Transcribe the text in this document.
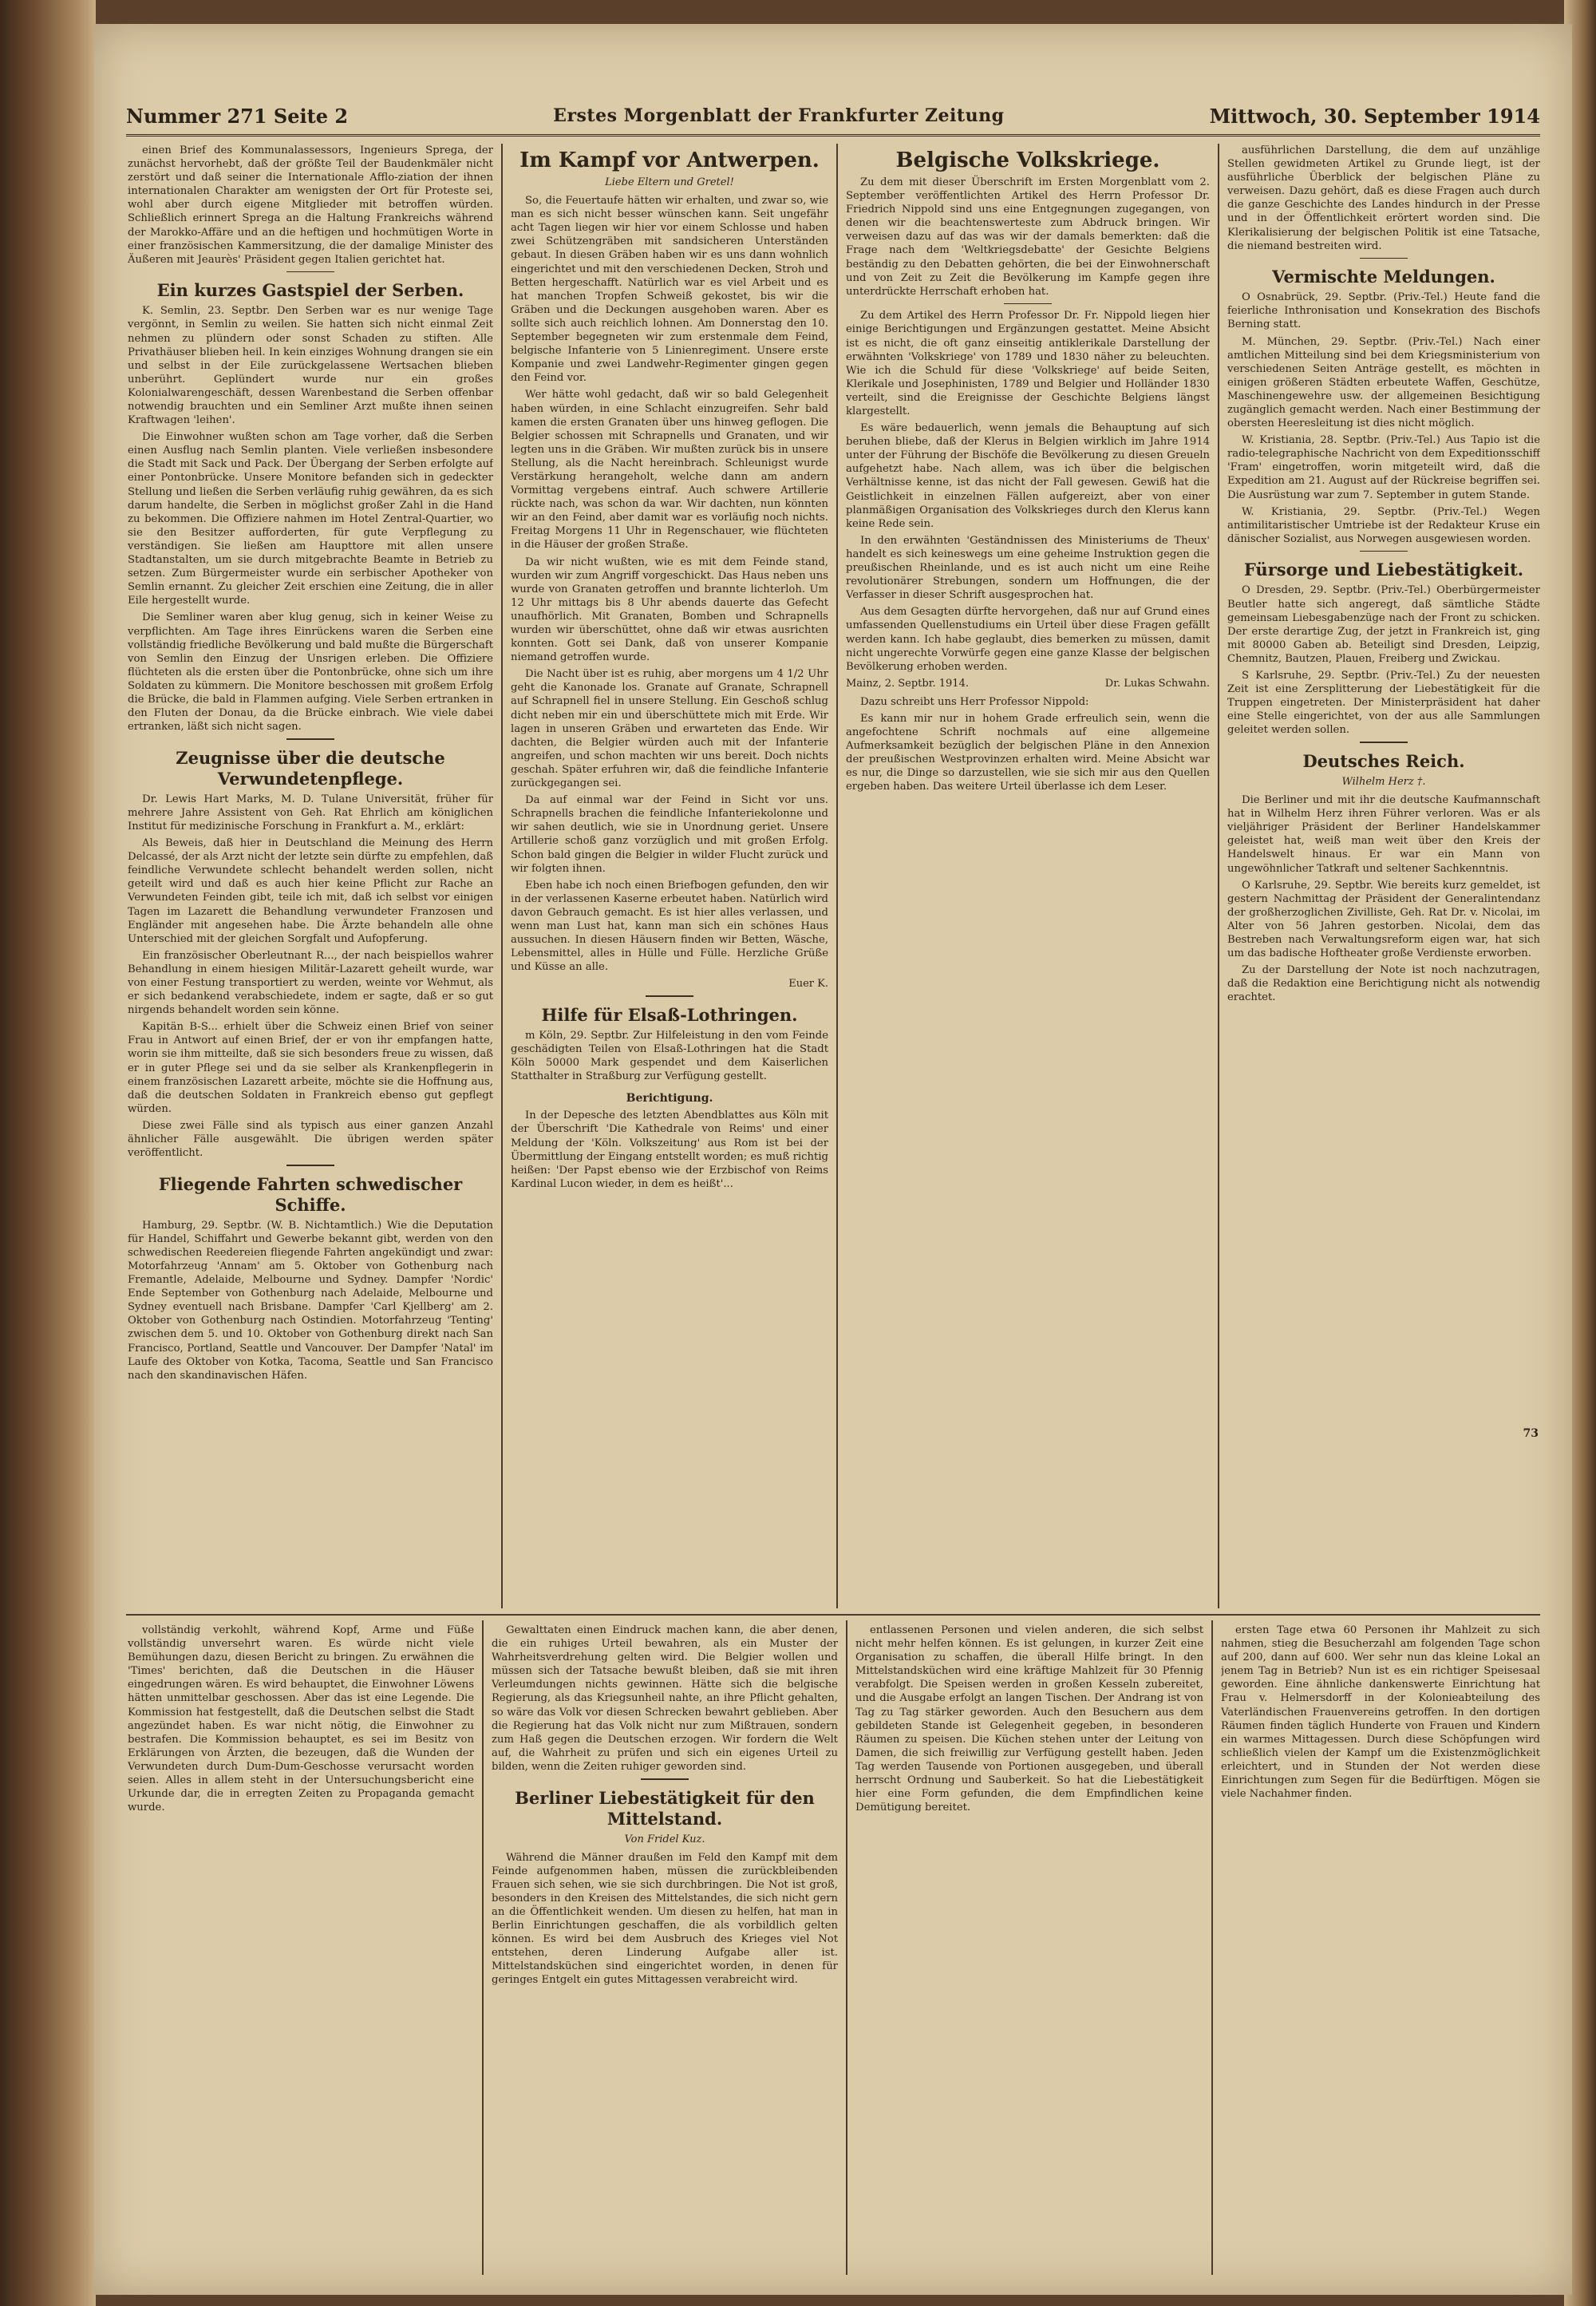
Nummer 271 Seite 2	Erstes Morgenblatt der Frankfurter Zeitung	Mittwoch, 30. September 1914

einen Brief des Kommunalassessors, Ingenieurs Sprega, der zunächst hervorhebt, daß der größte Teil der Baudenkmäler nicht zerstört und daß seiner die Internationale Afflo-ziation der ihnen internationalen Charakter am wenigsten der Ort für Proteste sei, wohl aber durch eigene Mitglieder mit betroffen würden. Schließlich erinnert Sprega an die Haltung Frankreichs während der Marokko-Affäre und an die heftigen und hochmütigen Worte in einer französischen Kammersitzung, die der damalige Minister des Äußeren mit Jeaurès' Präsident gegen Italien gerichtet hat.

Ein kurzes Gastspiel der Serben.

K. Semlin, 23. Septbr. Den Serben war es nur wenige Tage vergönnt, in Semlin zu weilen. Sie hatten sich nicht einmal Zeit nehmen zu plündern oder sonst Schaden zu stiften. Alle Privathäuser blieben heil. In kein einziges Wohnung drangen sie ein und selbst in der Eile zurückgelassene Wertsachen blieben unberührt. Geplündert wurde nur ein großes Kolonialwarengeschäft, dessen Warenbestand die Serben offenbar notwendig brauchten und ein Semliner Arzt mußte ihnen seinen Kraftwagen 'leihen'.

Die Einwohner wußten schon am Tage vorher, daß die Serben einen Ausflug nach Semlin planten. Viele verließen insbesondere die Stadt mit Sack und Pack. Der Übergang der Serben erfolgte auf einer Pontonbrücke. Unsere Monitore befanden sich in gedeckter Stellung und ließen die Serben verläufig ruhig gewähren, da es sich darum handelte, die Serben in möglichst großer Zahl in die Hand zu bekommen. Die Offiziere nahmen im Hotel Zentral-Quartier, wo sie den Besitzer aufforderten, für gute Verpflegung zu verständigen. Sie ließen am Haupttore mit allen unsere Stadtanstalten, um sie durch mitgebrachte Beamte in Betrieb zu setzen. Zum Bürgermeister wurde ein serbischer Apotheker von Semlin ernannt. Zu gleicher Zeit erschien eine Zeitung, die in aller Eile hergestellt wurde.

Die Semliner waren aber klug genug, sich in keiner Weise zu verpflichten. Am Tage ihres Einrückens waren die Serben eine vollständig friedliche Bevölkerung und bald mußte die Bürgerschaft von Semlin den Einzug der Unsrigen erleben. Die Offiziere flüchteten als die ersten über die Pontonbrücke, ohne sich um ihre Soldaten zu kümmern. Die Monitore beschossen mit großem Erfolg die Brücke, die bald in Flammen aufging. Viele Serben ertranken in den Fluten der Donau, da die Brücke einbrach. Wie viele dabei ertranken, läßt sich nicht sagen.

Zeugnisse über die deutsche Verwundetenpflege.

Dr. Lewis Hart Marks, M. D. Tulane Universität, früher für mehrere Jahre Assistent von Geh. Rat Ehrlich am königlichen Institut für medizinische Forschung in Frankfurt a. M., erklärt:

Als Beweis, daß hier in Deutschland die Meinung des Herrn Delcassé, der als Arzt nicht der letzte sein dürfte zu empfehlen, daß feindliche Verwundete schlecht behandelt werden sollen, nicht geteilt wird und daß es auch hier keine Pflicht zur Rache an Verwundeten Feinden gibt, teile ich mit, daß ich selbst vor einigen Tagen im Lazarett die Behandlung verwundeter Franzosen und Engländer mit angesehen habe. Die Ärzte behandeln alle ohne Unterschied mit der gleichen Sorgfalt und Aufopferung.

Ein französischer Oberleutnant R..., der nach beispiellos wahrer Behandlung in einem hiesigen Militär-Lazarett geheilt wurde, war von einer Festung transportiert zu werden, weinte vor Wehmut, als er sich bedankend verabschiedete, indem er sagte, daß er so gut nirgends behandelt worden sein könne.

Kapitän B-S... erhielt über die Schweiz einen Brief von seiner Frau in Antwort auf einen Brief, der er von ihr empfangen hatte, worin sie ihm mitteilte, daß sie sich besonders freue zu wissen, daß er in guter Pflege sei und da sie selber als Krankenpflegerin in einem französischen Lazarett arbeite, möchte sie die Hoffnung aus, daß die deutschen Soldaten in Frankreich ebenso gut gepflegt würden.

Diese zwei Fälle sind als typisch aus einer ganzen Anzahl ähnlicher Fälle ausgewählt. Die übrigen werden später veröffentlicht.

Fliegende Fahrten schwedischer Schiffe.

Hamburg, 29. Septbr. (W. B. Nichtamtlich.) Wie die Deputation für Handel, Schiffahrt und Gewerbe bekannt gibt, werden von den schwedischen Reedereien fliegende Fahrten angekündigt und zwar: Motorfahrzeug 'Annam' am 5. Oktober von Gothenburg nach Fremantle, Adelaide, Melbourne und Sydney. Dampfer 'Nordic' Ende September von Gothenburg nach Adelaide, Melbourne und Sydney eventuell nach Brisbane. Dampfer 'Carl Kjellberg' am 2. Oktober von Gothenburg nach Ostindien. Motorfahrzeug 'Tenting' zwischen dem 5. und 10. Oktober von Gothenburg direkt nach San Francisco, Portland, Seattle und Vancouver. Der Dampfer 'Natal' im Laufe des Oktober von Kotka, Tacoma, Seattle und San Francisco nach den skandinavischen Häfen.

Im Kampf vor Antwerpen.
Liebe Eltern und Gretel!

So, die Feuertaufe hätten wir erhalten, und zwar so, wie man es sich nicht besser wünschen kann. Seit ungefähr acht Tagen liegen wir hier vor einem Schlosse und haben zwei Schützengräben mit sandsicheren Unterständen gebaut. In diesen Gräben haben wir es uns dann wohnlich eingerichtet und mit den verschiedenen Decken, Stroh und Betten hergeschafft. Natürlich war es viel Arbeit und es hat manchen Tropfen Schweiß gekostet, bis wir die Gräben und die Deckungen ausgehoben waren. Aber es sollte sich auch reichlich lohnen. Am Donnerstag den 10. September begegneten wir zum erstenmale dem Feind, belgische Infanterie von 5 Linienregiment. Unsere erste Kompanie und zwei Landwehr-Regimenter gingen gegen den Feind vor.

Wer hätte wohl gedacht, daß wir so bald Gelegenheit haben würden, in eine Schlacht einzugreifen. Sehr bald kamen die ersten Granaten über uns hinweg geflogen. Die Belgier schossen mit Schrapnells und Granaten, und wir legten uns in die Gräben. Wir mußten zurück bis in unsere Stellung, als die Nacht hereinbrach. Schleunigst wurde Verstärkung herangeholt, welche dann am andern Vormittag vergebens eintraf. Auch schwere Artillerie rückte nach, was schon da war. Wir dachten, nun könnten wir an den Feind, aber damit war es vorläufig noch nichts. Freitag Morgens 11 Uhr in Regenschauer, wie flüchteten in die Häuser der großen Straße.

Da wir nicht wußten, wie es mit dem Feinde stand, wurden wir zum Angriff vorgeschickt. Das Haus neben uns wurde von Granaten getroffen und brannte lichterloh. Um 12 Uhr mittags bis 8 Uhr abends dauerte das Gefecht unaufhörlich. Mit Granaten, Bomben und Schrapnells wurden wir überschüttet, ohne daß wir etwas ausrichten konnten. Gott sei Dank, daß von unserer Kompanie niemand getroffen wurde.

Die Nacht über ist es ruhig, aber morgens um 4 1/2 Uhr geht die Kanonade los. Granate auf Granate, Schrapnell auf Schrapnell fiel in unsere Stellung. Ein Geschoß schlug dicht neben mir ein und überschüttete mich mit Erde. Wir lagen in unseren Gräben und erwarteten das Ende. Wir dachten, die Belgier würden auch mit der Infanterie angreifen, und schon machten wir uns bereit. Doch nichts geschah. Später erfuhren wir, daß die feindliche Infanterie zurückgegangen sei.

Da auf einmal war der Feind in Sicht vor uns. Schrapnells brachen die feindliche Infanteriekolonne und wir sahen deutlich, wie sie in Unordnung geriet. Unsere Artillerie schoß ganz vorzüglich und mit großen Erfolg. Schon bald gingen die Belgier in wilder Flucht zurück und wir folgten ihnen.

Eben habe ich noch einen Briefbogen gefunden, den wir in der verlassenen Kaserne erbeutet haben. Natürlich wird davon Gebrauch gemacht. Es ist hier alles verlassen, und wenn man Lust hat, kann man sich ein schönes Haus aussuchen. In diesen Häusern finden wir Betten, Wäsche, Lebensmittel, alles in Hülle und Fülle. Herzliche Grüße und Küsse an alle.

Euer K.
Hilfe für Elsaß-Lothringen.

m Köln, 29. Septbr. Zur Hilfeleistung in den vom Feinde geschädigten Teilen von Elsaß-Lothringen hat die Stadt Köln 50000 Mark gespendet und dem Kaiserlichen Statthalter in Straßburg zur Verfügung gestellt.

Berichtigung.

In der Depesche des letzten Abendblattes aus Köln mit der Überschrift 'Die Kathedrale von Reims' und einer Meldung der 'Köln. Volkszeitung' aus Rom ist bei der Übermittlung der Eingang entstellt worden; es muß richtig heißen: 'Der Papst ebenso wie der Erzbischof von Reims Kardinal Lucon wieder, in dem es heißt'...

Belgische Volkskriege.

Zu dem mit dieser Überschrift im Ersten Morgenblatt vom 2. September veröffentlichten Artikel des Herrn Professor Dr. Friedrich Nippold sind uns eine Entgegnungen zugegangen, von denen wir die beachtenswerteste zum Abdruck bringen. Wir verweisen dazu auf das was wir der damals bemerkten: daß die Frage nach dem 'Weltkriegsdebatte' der Gesichte Belgiens beständig zu den Debatten gehörten, die bei der Einwohnerschaft und von Zeit zu Zeit die Bevölkerung im Kampfe gegen ihre unterdrückte Herrschaft erhoben hat.

Zu dem Artikel des Herrn Professor Dr. Fr. Nippold liegen hier einige Berichtigungen und Ergänzungen gestattet. Meine Absicht ist es nicht, die oft ganz einseitig antiklerikale Darstellung der erwähnten 'Volkskriege' von 1789 und 1830 näher zu beleuchten. Wie ich die Schuld für diese 'Volkskriege' auf beide Seiten, Klerikale und Josephinisten, 1789 und Belgier und Holländer 1830 verteilt, sind die Ereignisse der Geschichte Belgiens längst klargestellt.

Es wäre bedauerlich, wenn jemals die Behauptung auf sich beruhen bliebe, daß der Klerus in Belgien wirklich im Jahre 1914 unter der Führung der Bischöfe die Bevölkerung zu diesen Greueln aufgehetzt habe. Nach allem, was ich über die belgischen Verhältnisse kenne, ist das nicht der Fall gewesen. Gewiß hat die Geistlichkeit in einzelnen Fällen aufgereizt, aber von einer planmäßigen Organisation des Volkskrieges durch den Klerus kann keine Rede sein.

In den erwähnten 'Geständnissen des Ministeriums de Theux' handelt es sich keineswegs um eine geheime Instruktion gegen die preußischen Rheinlande, und es ist auch nicht um eine Reihe revolutionärer Strebungen, sondern um Hoffnungen, die der Verfasser in dieser Schrift ausgesprochen hat.

Aus dem Gesagten dürfte hervorgehen, daß nur auf Grund eines umfassenden Quellenstudiums ein Urteil über diese Fragen gefällt werden kann. Ich habe geglaubt, dies bemerken zu müssen, damit nicht ungerechte Vorwürfe gegen eine ganze Klasse der belgischen Bevölkerung erhoben werden.

Mainz, 2. Septbr. 1914.	Dr. Lukas Schwahn.

Dazu schreibt uns Herr Professor Nippold:

Es kann mir nur in hohem Grade erfreulich sein, wenn die angefochtene Schrift nochmals auf eine allgemeine Aufmerksamkeit bezüglich der belgischen Pläne in den Annexion der preußischen Westprovinzen erhalten wird. Meine Absicht war es nur, die Dinge so darzustellen, wie sie sich mir aus den Quellen ergeben haben. Das weitere Urteil überlasse ich dem Leser.

ausführlichen Darstellung, die dem auf unzählige Stellen gewidmeten Artikel zu Grunde liegt, ist der ausführliche Überblick der belgischen Pläne zu verweisen. Dazu gehört, daß es diese Fragen auch durch die ganze Geschichte des Landes hindurch in der Presse und in der Öffentlichkeit erörtert worden sind. Die Klerikalisierung der belgischen Politik ist eine Tatsache, die niemand bestreiten wird.

Vermischte Meldungen.

O Osnabrück, 29. Septbr. (Priv.-Tel.) Heute fand die feierliche Inthronisation und Konsekration des Bischofs Berning statt.

M. München, 29. Septbr. (Priv.-Tel.) Nach einer amtlichen Mitteilung sind bei dem Kriegsministerium von verschiedenen Seiten Anträge gestellt, es möchten in einigen größeren Städten erbeutete Waffen, Geschütze, Maschinengewehre usw. der allgemeinen Besichtigung zugänglich gemacht werden. Nach einer Bestimmung der obersten Heeresleitung ist dies nicht möglich.

W. Kristiania, 28. Septbr. (Priv.-Tel.) Aus Tapio ist die radio-telegraphische Nachricht von dem Expeditionsschiff 'Fram' eingetroffen, worin mitgeteilt wird, daß die Expedition am 21. August auf der Rückreise begriffen sei. Die Ausrüstung war zum 7. September in gutem Stande.

W. Kristiania, 29. Septbr. (Priv.-Tel.) Wegen antimilitaristischer Umtriebe ist der Redakteur Kruse ein dänischer Sozialist, aus Norwegen ausgewiesen worden.

Fürsorge und Liebestätigkeit.

O Dresden, 29. Septbr. (Priv.-Tel.) Oberbürgermeister Beutler hatte sich angeregt, daß sämtliche Städte gemeinsam Liebesgabenzüge nach der Front zu schicken. Der erste derartige Zug, der jetzt in Frankreich ist, ging mit 80000 Gaben ab. Beteiligt sind Dresden, Leipzig, Chemnitz, Bautzen, Plauen, Freiberg und Zwickau.

S Karlsruhe, 29. Septbr. (Priv.-Tel.) Zu der neuesten Zeit ist eine Zersplitterung der Liebestätigkeit für die Truppen eingetreten. Der Ministerpräsident hat daher eine Stelle eingerichtet, von der aus alle Sammlungen geleitet werden sollen.

Deutsches Reich.
Wilhelm Herz †.

Die Berliner und mit ihr die deutsche Kaufmannschaft hat in Wilhelm Herz ihren Führer verloren. Was er als vieljähriger Präsident der Berliner Handelskammer geleistet hat, weiß man weit über den Kreis der Handelswelt hinaus. Er war ein Mann von ungewöhnlicher Tatkraft und seltener Sachkenntnis.

O Karlsruhe, 29. Septbr. Wie bereits kurz gemeldet, ist gestern Nachmittag der Präsident der Generalintendanz der großherzoglichen Zivilliste, Geh. Rat Dr. v. Nicolai, im Alter von 56 Jahren gestorben. Nicolai, dem das Bestreben nach Verwaltungsreform eigen war, hat sich um das badische Hoftheater große Verdienste erworben.

Zu der Darstellung der Note ist noch nachzutragen, daß die Redaktion eine Berichtigung nicht als notwendig erachtet.

vollständig verkohlt, während Kopf, Arme und Füße vollständig unversehrt waren. Es würde nicht viele Bemühungen dazu, diesen Bericht zu bringen. Zu erwähnen die 'Times' berichten, daß die Deutschen in die Häuser eingedrungen wären. Es wird behauptet, die Einwohner Löwens hätten unmittelbar geschossen. Aber das ist eine Legende. Die Kommission hat festgestellt, daß die Deutschen selbst die Stadt angezündet haben. Es war nicht nötig, die Einwohner zu bestrafen. Die Kommission behauptet, es sei im Besitz von Erklärungen von Ärzten, die bezeugen, daß die Wunden der Verwundeten durch Dum-Dum-Geschosse verursacht worden seien. Alles in allem steht in der Untersuchungsbericht eine Urkunde dar, die in erregten Zeiten zu Propaganda gemacht wurde.

Gewalttaten einen Eindruck machen kann, die aber denen, die ein ruhiges Urteil bewahren, als ein Muster der Wahrheitsverdrehung gelten wird. Die Belgier wollen und müssen sich der Tatsache bewußt bleiben, daß sie mit ihren Verleumdungen nichts gewinnen. Hätte sich die belgische Regierung, als das Kriegsunheil nahte, an ihre Pflicht gehalten, so wäre das Volk vor diesen Schrecken bewahrt geblieben. Aber die Regierung hat das Volk nicht nur zum Mißtrauen, sondern zum Haß gegen die Deutschen erzogen. Wir fordern die Welt auf, die Wahrheit zu prüfen und sich ein eigenes Urteil zu bilden, wenn die Zeiten ruhiger geworden sind.

Berliner Liebestätigkeit für den Mittelstand.
Von Fridel Kuz.

Während die Männer draußen im Feld den Kampf mit dem Feinde aufgenommen haben, müssen die zurückbleibenden Frauen sich sehen, wie sie sich durchbringen. Die Not ist groß, besonders in den Kreisen des Mittelstandes, die sich nicht gern an die Öffentlichkeit wenden. Um diesen zu helfen, hat man in Berlin Einrichtungen geschaffen, die als vorbildlich gelten können. Es wird bei dem Ausbruch des Krieges viel Not entstehen, deren Linderung Aufgabe aller ist. Mittelstandsküchen sind eingerichtet worden, in denen für geringes Entgelt ein gutes Mittagessen verabreicht wird.

entlassenen Personen und vielen anderen, die sich selbst nicht mehr helfen können. Es ist gelungen, in kurzer Zeit eine Organisation zu schaffen, die überall Hilfe bringt. In den Mittelstandsküchen wird eine kräftige Mahlzeit für 30 Pfennig verabfolgt. Die Speisen werden in großen Kesseln zubereitet, und die Ausgabe erfolgt an langen Tischen. Der Andrang ist von Tag zu Tag stärker geworden. Auch den Besuchern aus dem gebildeten Stande ist Gelegenheit gegeben, in besonderen Räumen zu speisen. Die Küchen stehen unter der Leitung von Damen, die sich freiwillig zur Verfügung gestellt haben. Jeden Tag werden Tausende von Portionen ausgegeben, und überall herrscht Ordnung und Sauberkeit. So hat die Liebestätigkeit hier eine Form gefunden, die dem Empfindlichen keine Demütigung bereitet.

ersten Tage etwa 60 Personen ihr Mahlzeit zu sich nahmen, stieg die Besucherzahl am folgenden Tage schon auf 200, dann auf 600. Wer sehr nun das kleine Lokal an jenem Tag in Betrieb? Nun ist es ein richtiger Speisesaal geworden. Eine ähnliche dankenswerte Einrichtung hat Frau v. Helmersdorff in der Kolonieabteilung des Vaterländischen Frauenvereins getroffen. In den dortigen Räumen finden täglich Hunderte von Frauen und Kindern ein warmes Mittagessen. Durch diese Schöpfungen wird schließlich vielen der Kampf um die Existenzmöglichkeit erleichtert, und in Stunden der Not werden diese Einrichtungen zum Segen für die Bedürftigen. Mögen sie viele Nachahmer finden.

73
